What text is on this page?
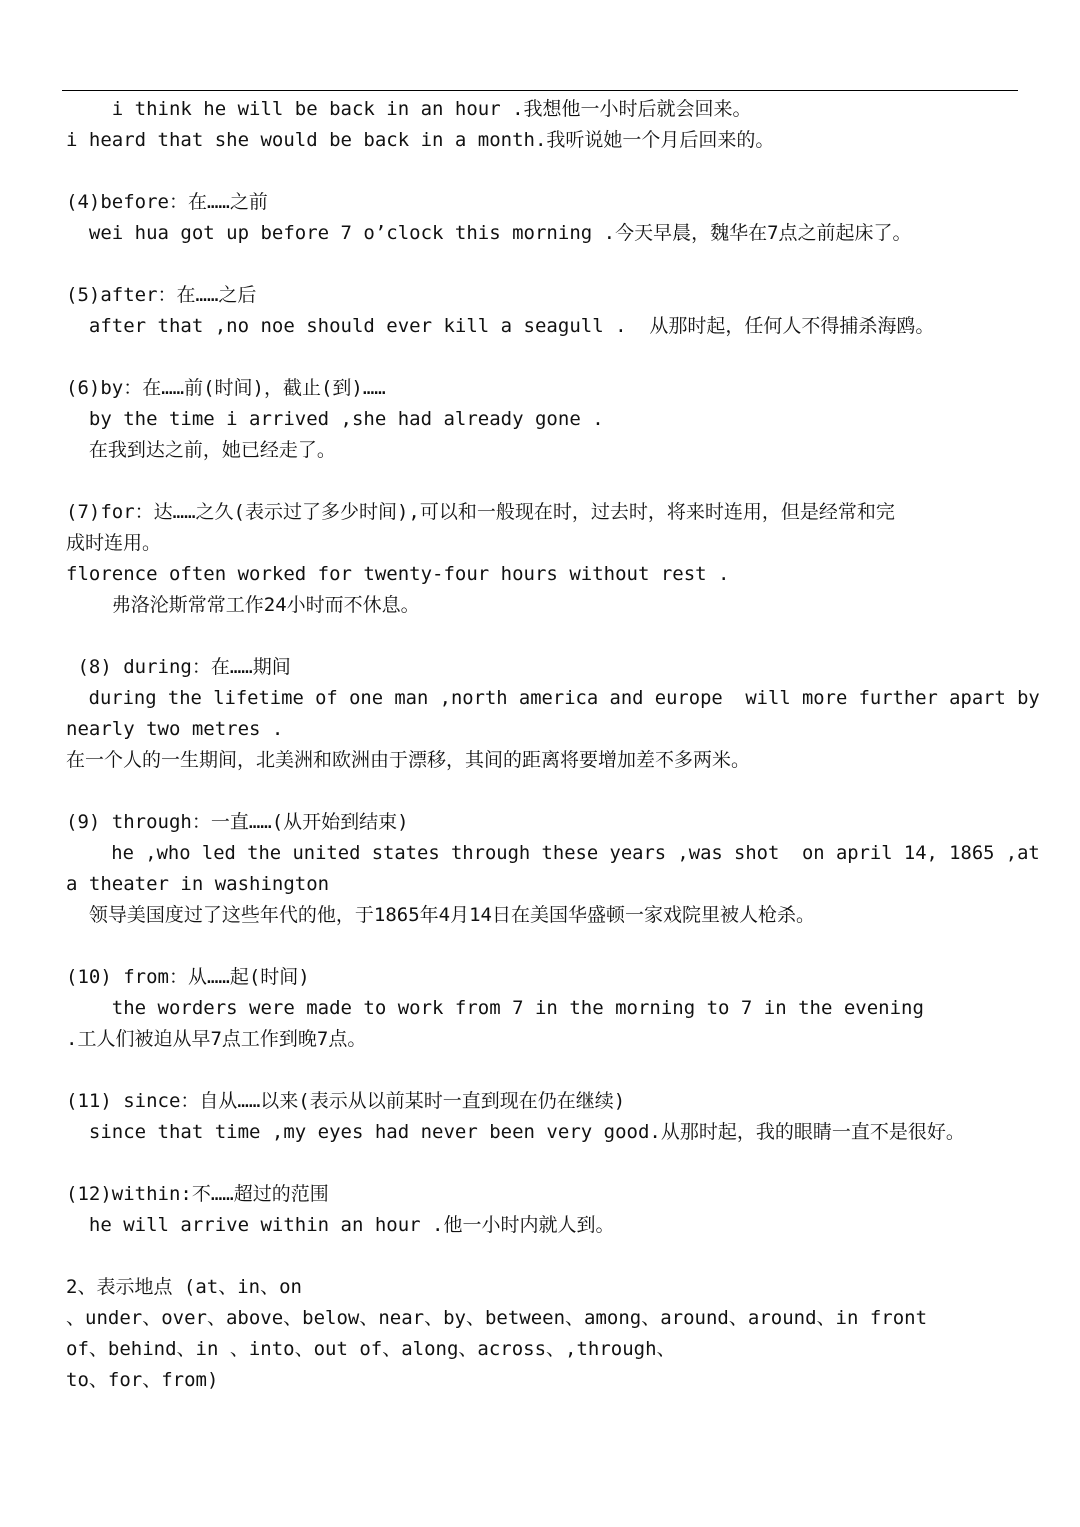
i think he will be back in an hour .我想他一小时后就会回来。
i heard that she would be back in a month.我听说她一个月后回来的。
(4)before：在……之前
wei hua got up before 7 o’clock this morning .今天早晨，魏华在7点之前起床了。
(5)after：在……之后
after that ,no noe should ever kill a seagull .  从那时起，任何人不得捕杀海鸥。
(6)by：在……前(时间)，截止(到)……
by the time i arrived ,she had already gone .
在我到达之前，她已经走了。
(7)for：达……之久(表示过了多少时间),可以和一般现在时，过去时，将来时连用，但是经常和完
成时连用。
florence often worked for twenty-four hours without rest .
弗洛沦斯常常工作24小时而不休息。
(8) during：在……期间
during the lifetime of one man ,north america and europe  will more further apart by
nearly two metres .
在一个人的一生期间，北美洲和欧洲由于漂移，其间的距离将要增加差不多两米。
(9) through：一直……(从开始到结束)
he ,who led the united states through these years ,was shot  on april 14, 1865 ,at
a theater in washington
领导美国度过了这些年代的他，于1865年4月14日在美国华盛顿一家戏院里被人枪杀。
(10) from：从……起(时间)
the worders were made to work from 7 in the morning to 7 in the evening
.工人们被迫从早7点工作到晚7点。
(11) since：自从……以来(表示从以前某时一直到现在仍在继续)
since that time ,my eyes had never been very good.从那时起，我的眼睛一直不是很好。
(12)within:不……超过的范围
he will arrive within an hour .他一小时内就人到。
2、表示地点 (at、in、on
、under、over、above、below、near、by、between、among、around、around、in front
of、behind、in 、into、out of、along、across、,through、
to、for、from)
